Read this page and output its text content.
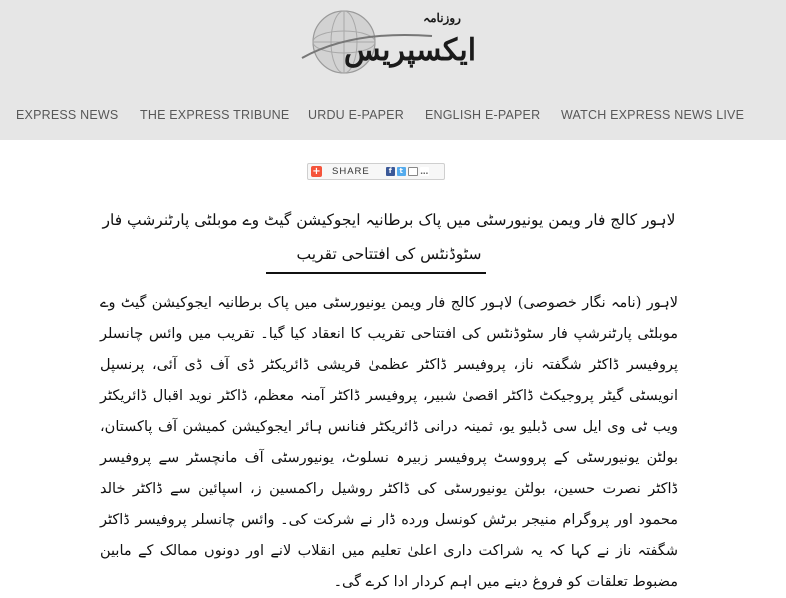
ایکسپریس
روزنامہ
EXPRESS NEWS THE EXPRESS TRIBUNE URDU E-PAPER ENGLISH E-PAPER WATCH EXPRESS NEWS LIVE
+ SHARE	f	t	…
لاہور کالج فار ویمن یونیورسٹی میں پاک برطانیہ ایجوکیشن گیٹ وے موبلٹی پارٹنرشپ فار سٹوڈنٹس کی افتتاحی تقریب
لاہور (نامہ نگار خصوصی) لاہور کالج فار ویمن یونیورسٹی میں پاک برطانیہ ایجوکیشن گیٹ وے موبلٹی پارٹنرشپ فار سٹوڈنٹس کی افتتاحی تقریب کا انعقاد کیا گیا۔ تقریب میں وائس چانسلر پروفیسر ڈاکٹر شگفتہ ناز، پروفیسر ڈاکٹر عظمیٰ قریشی ڈائریکٹر ڈی آف ڈی آئی، پرنسپل انویسٹی گیٹر پروجیکٹ ڈاکٹر اقصیٰ شبیر، پروفیسر ڈاکٹر آمنہ معظم، ڈاکٹر نوید اقبال ڈائریکٹر ویب ٹی وی ایل سی ڈبلیو یو، ثمینہ درانی ڈائریکٹر فنانس ہائر ایجوکیشن کمیشن آف پاکستان، بولٹن یونیورسٹی کے پرووسٹ پروفیسر زبیرہ نسلوٹ، یونیورسٹی آف مانچسٹر سے پروفیسر ڈاکٹر نصرت حسین، بولٹن یونیورسٹی کی ڈاکٹر روشیل راکمسین ز، اسپائین سے ڈاکٹر خالد محمود اور پروگرام منیجر برٹش کونسل ورده ڈار نے شرکت کی۔ وائس چانسلر پروفیسر ڈاکٹر شگفتہ ناز نے کہا کہ یہ شراکت داری اعلیٰ تعلیم میں انقلاب لانے اور دونوں ممالک کے مابین مضبوط تعلقات کو فروغ دینے میں اہم کردار ادا کرے گی۔
